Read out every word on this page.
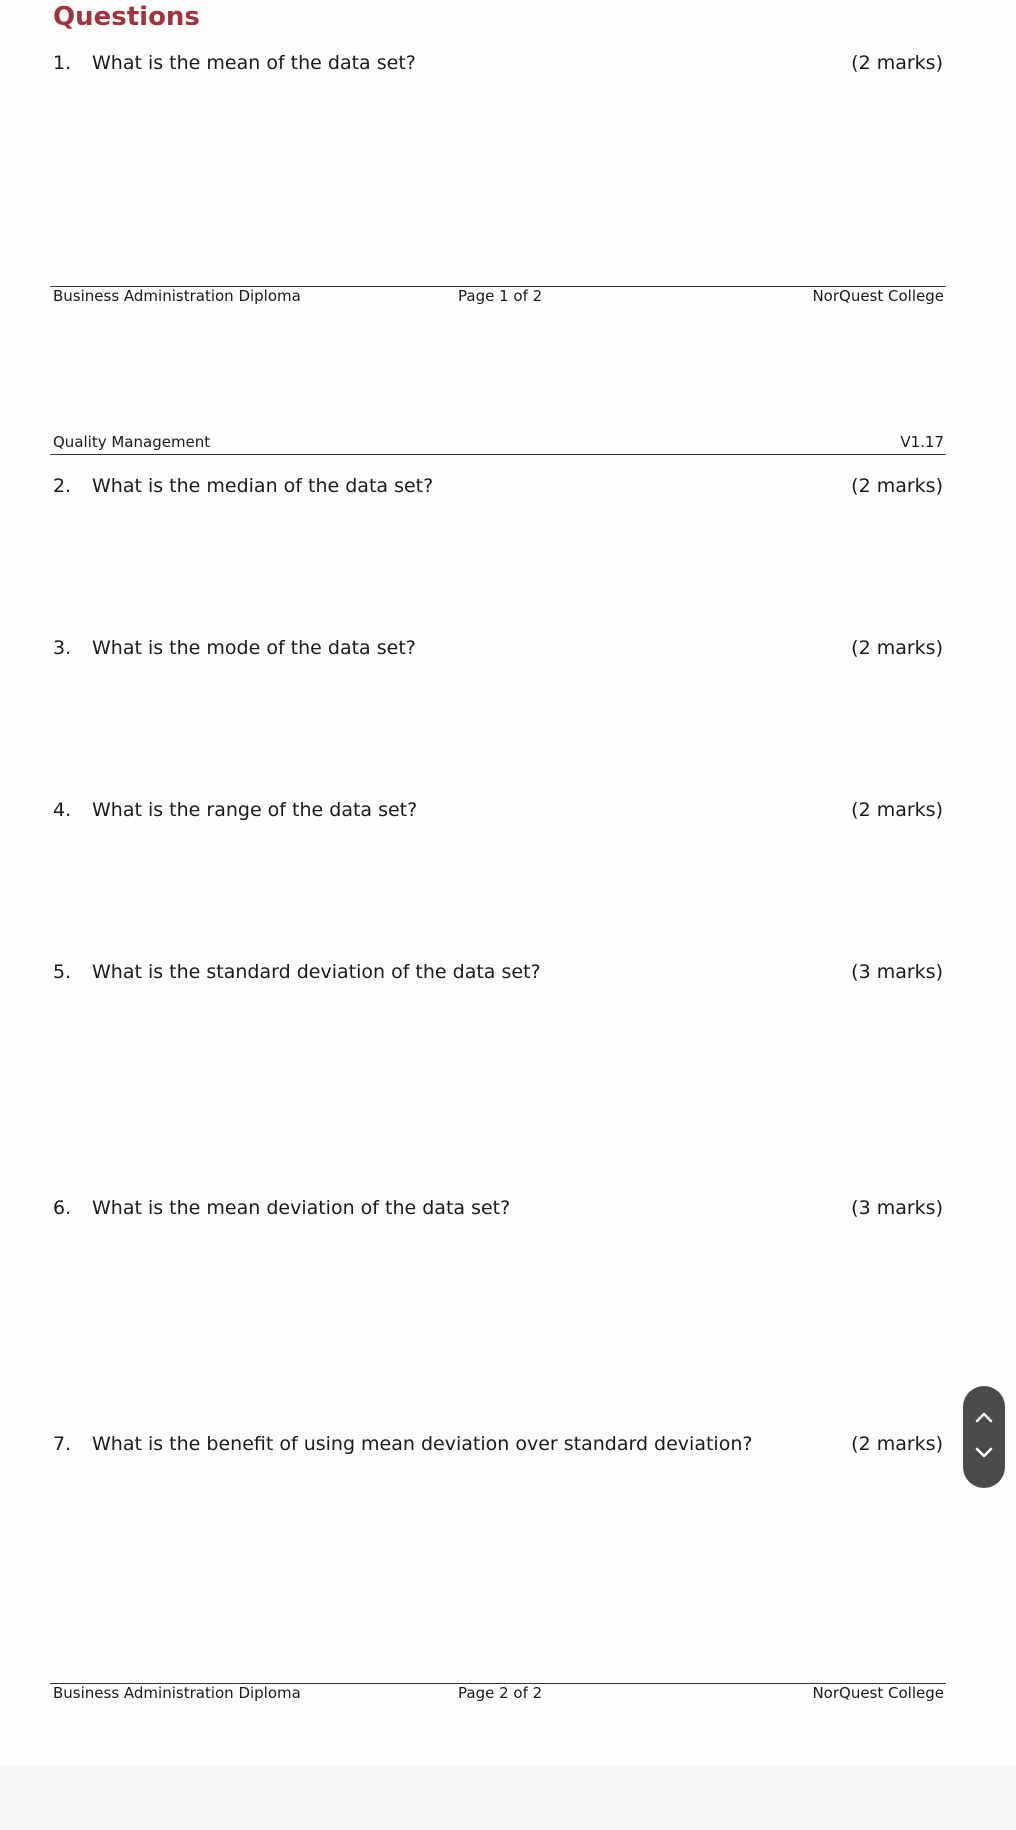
Questions
1.	What is the mean of the data set?	(2 marks)
Business Administration Diploma	Page 1 of 2	NorQuest College
Quality Management	V1.17
2.	What is the median of the data set?	(2 marks)
3.	What is the mode of the data set?	(2 marks)
4.	What is the range of the data set?	(2 marks)
5.	What is the standard deviation of the data set?	(3 marks)
6.	What is the mean deviation of the data set?	(3 marks)
7.	What is the benefit of using mean deviation over standard deviation?	(2 marks)
Business Administration Diploma	Page 2 of 2	NorQuest College
